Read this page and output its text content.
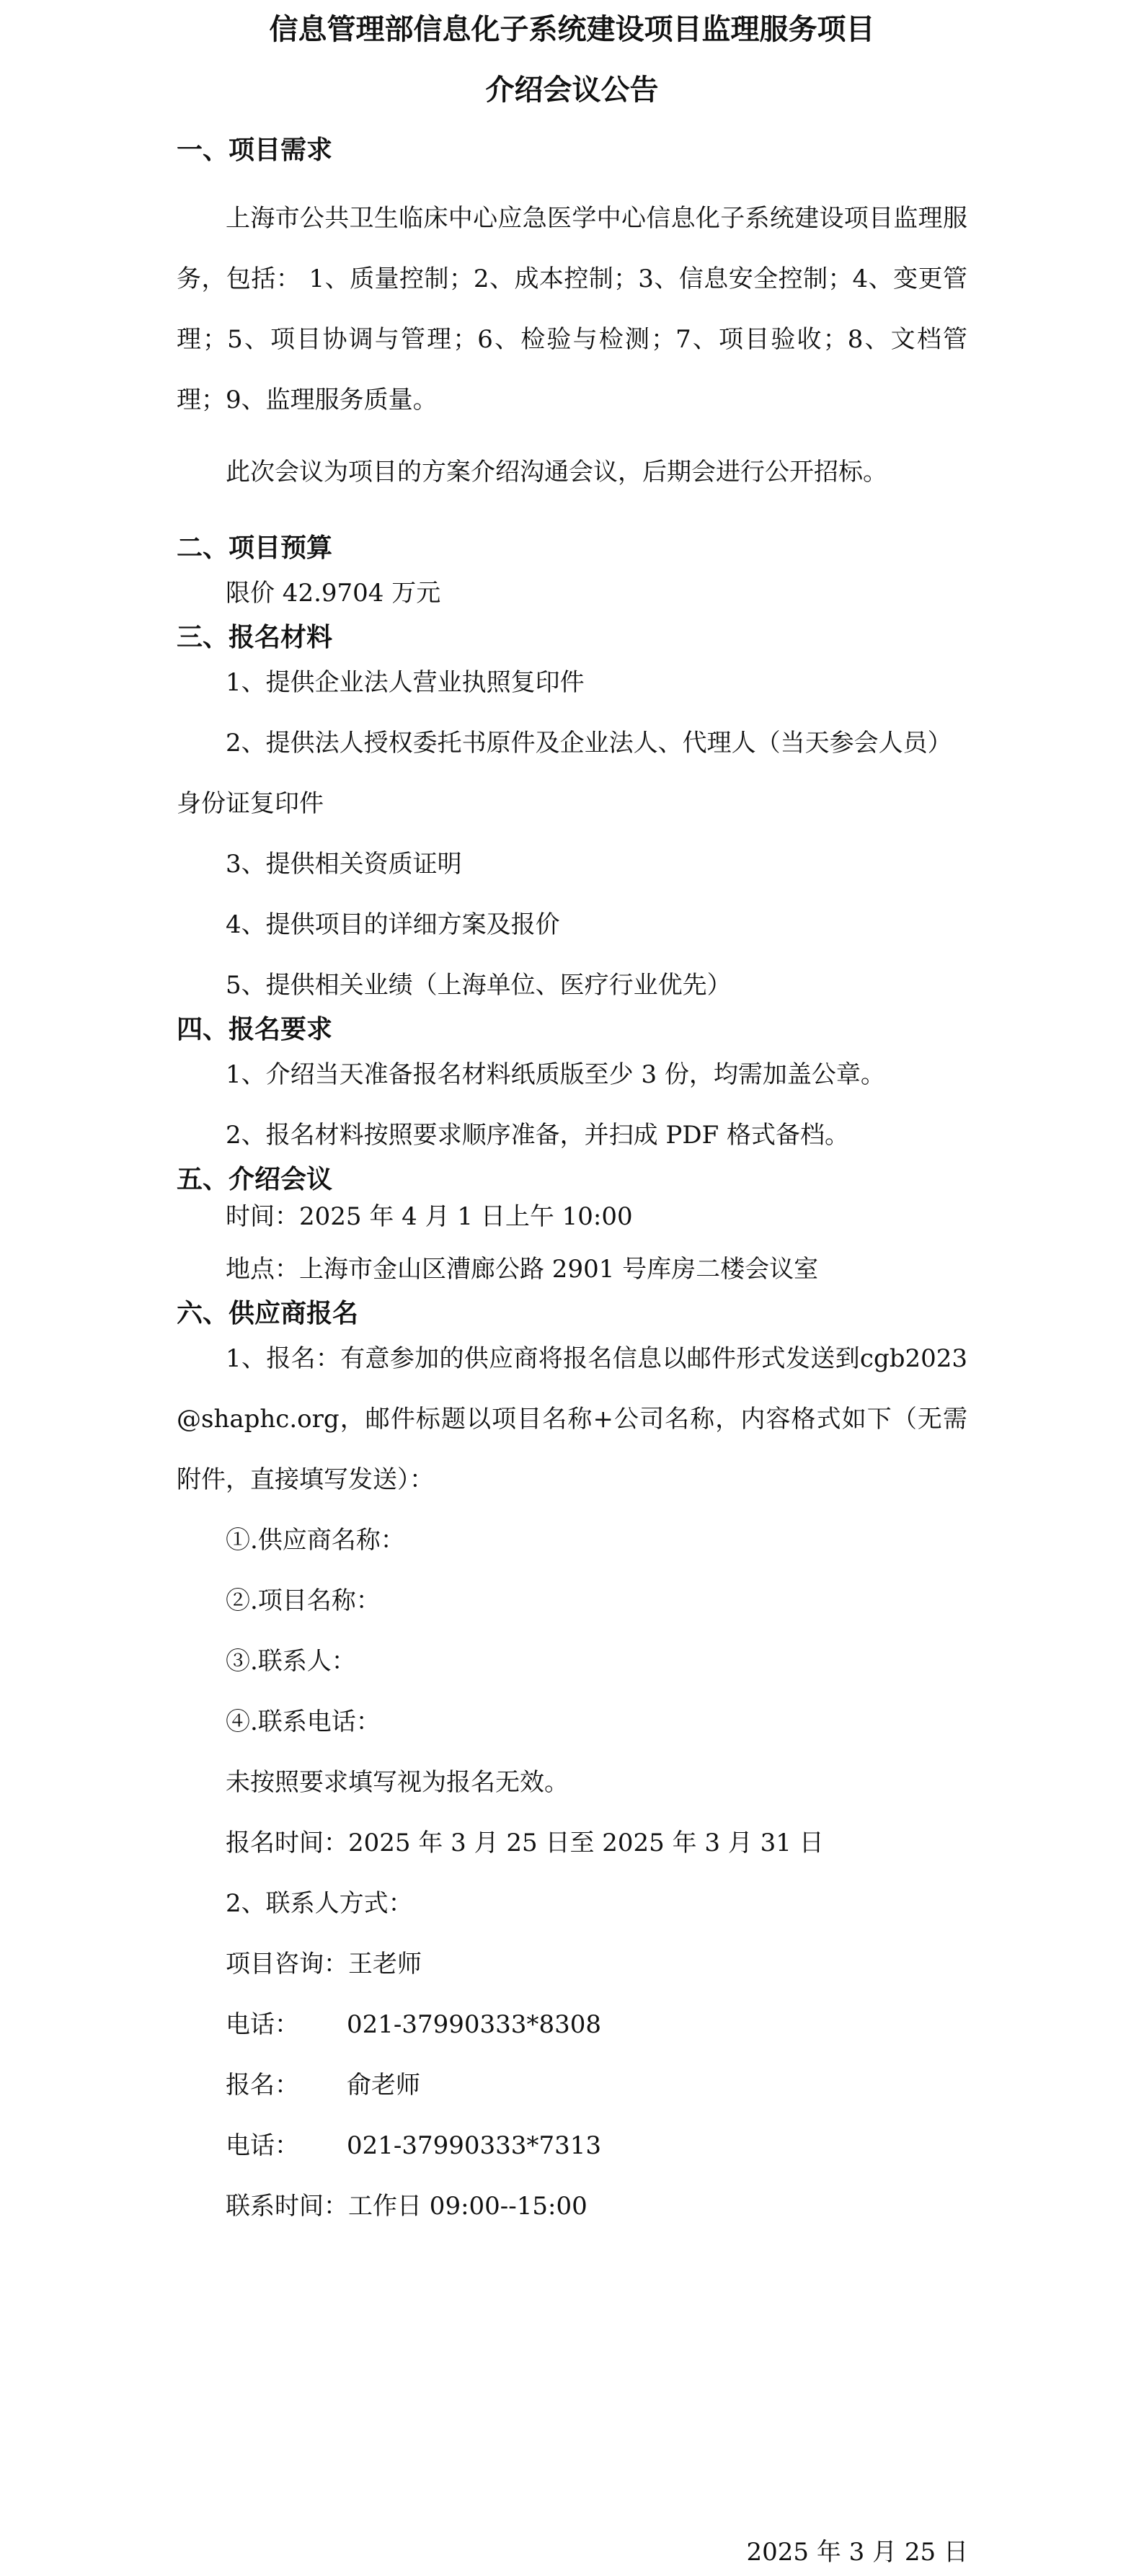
信息管理部信息化子系统建设项目监理服务项目
介绍会议公告
一、项目需求

上海市公共卫生临床中心应急医学中心信息化子系统建设项目监理服务，包括： 1、质量控制；2、成本控制；3、信息安全控制；4、变更管理；5、项目协调与管理；6、检验与检测；7、项目验收；8、文档管理；9、监理服务质量。

此次会议为项目的方案介绍沟通会议，后期会进行公开招标。

二、项目预算

限价 42.9704 万元

三、报名材料

1、提供企业法人营业执照复印件

2、提供法人授权委托书原件及企业法人、代理人（当天参会人员）身份证复印件

3、提供相关资质证明

4、提供项目的详细方案及报价

5、提供相关业绩（上海单位、医疗行业优先）

四、报名要求

1、介绍当天准备报名材料纸质版至少 3 份，均需加盖公章。

2、报名材料按照要求顺序准备，并扫成 PDF 格式备档。

五、介绍会议

时间：2025 年 4 月 1 日上午 10:00

地点：上海市金山区漕廊公路 2901 号库房二楼会议室

六、供应商报名

1、报名：有意参加的供应商将报名信息以邮件形式发送到cgb2023@shaphc.org，邮件标题以项目名称+公司名称，内容格式如下（无需附件，直接填写发送）：

①.供应商名称：

②.项目名称：

③.联系人：

④.联系电话：

未按照要求填写视为报名无效。

报名时间：2025 年 3 月 25 日至 2025 年 3 月 31 日

2、联系人方式：

项目咨询：王老师

电话： 021-37990333*8308

报名： 俞老师

电话： 021-37990333*7313

联系时间：工作日 09:00--15:00

2025 年 3 月 25 日
